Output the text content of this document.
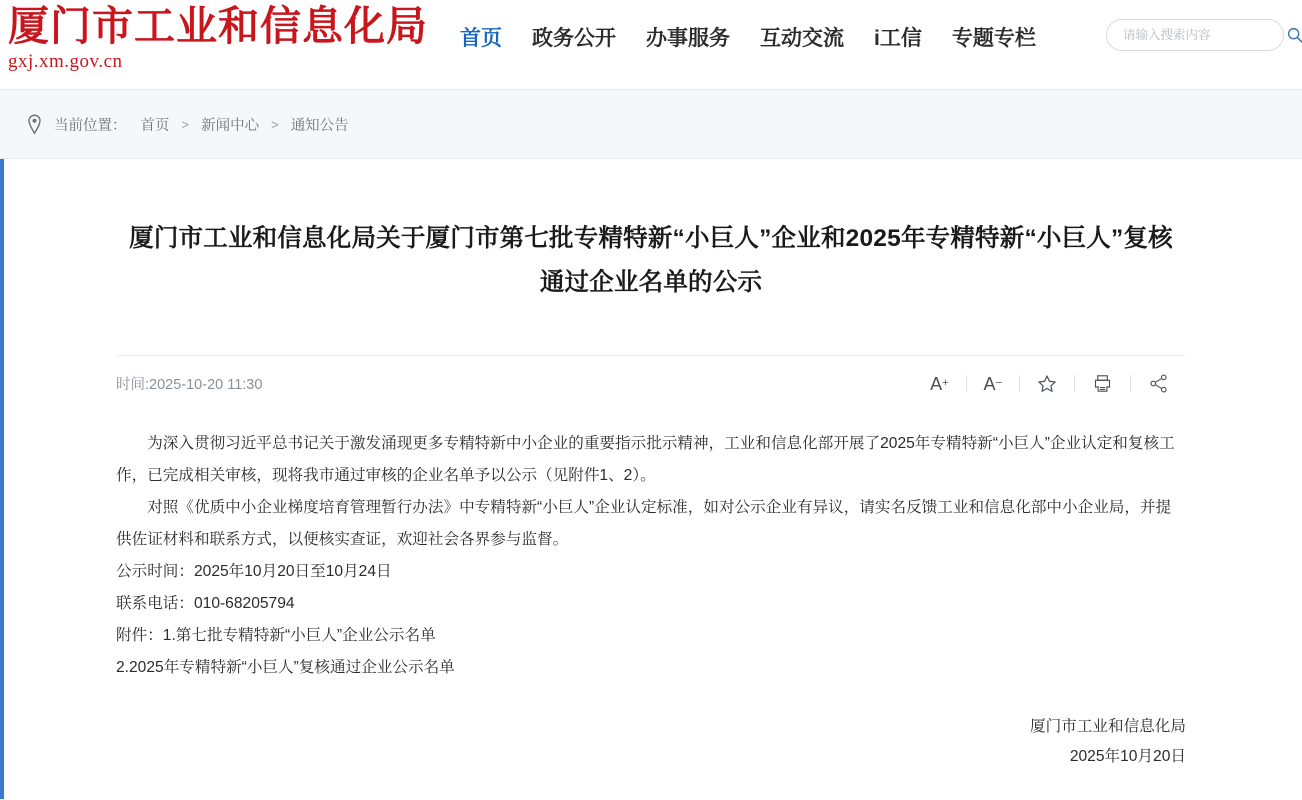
厦门市工业和信息化局
gxj.xm.gov.cn
首页 政务公开 办事服务 互动交流 i工信 专题专栏
请输入搜索内容
当前位置： 首页 > 新闻中心 > 通知公告
厦门市工业和信息化局关于厦门市第七批专精特新“小巨人”企业和2025年专精特新“小巨人”复核 通过企业名单的公示
时间:2025-10-20 11:30	A +	A −

为深入贯彻习近平总书记关于激发涌现更多专精特新中小企业的重要指示批示精神，工业和信息化部开展了2025年专精特新“小巨人”企业认定和复核工作，已完成相关审核，现将我市通过审核的企业名单予以公示（见附件1、2）。

对照《优质中小企业梯度培育管理暂行办法》中专精特新“小巨人”企业认定标准，如对公示企业有异议，请实名反馈工业和信息化部中小企业局，并提供佐证材料和联系方式，以便核实查证，欢迎社会各界参与监督。

公示时间：2025年10月20日至10月24日

联系电话：010-68205794

附件：1.第七批专精特新“小巨人”企业公示名单

2.2025年专精特新“小巨人”复核通过企业公示名单

厦门市工业和信息化局
2025年10月20日
